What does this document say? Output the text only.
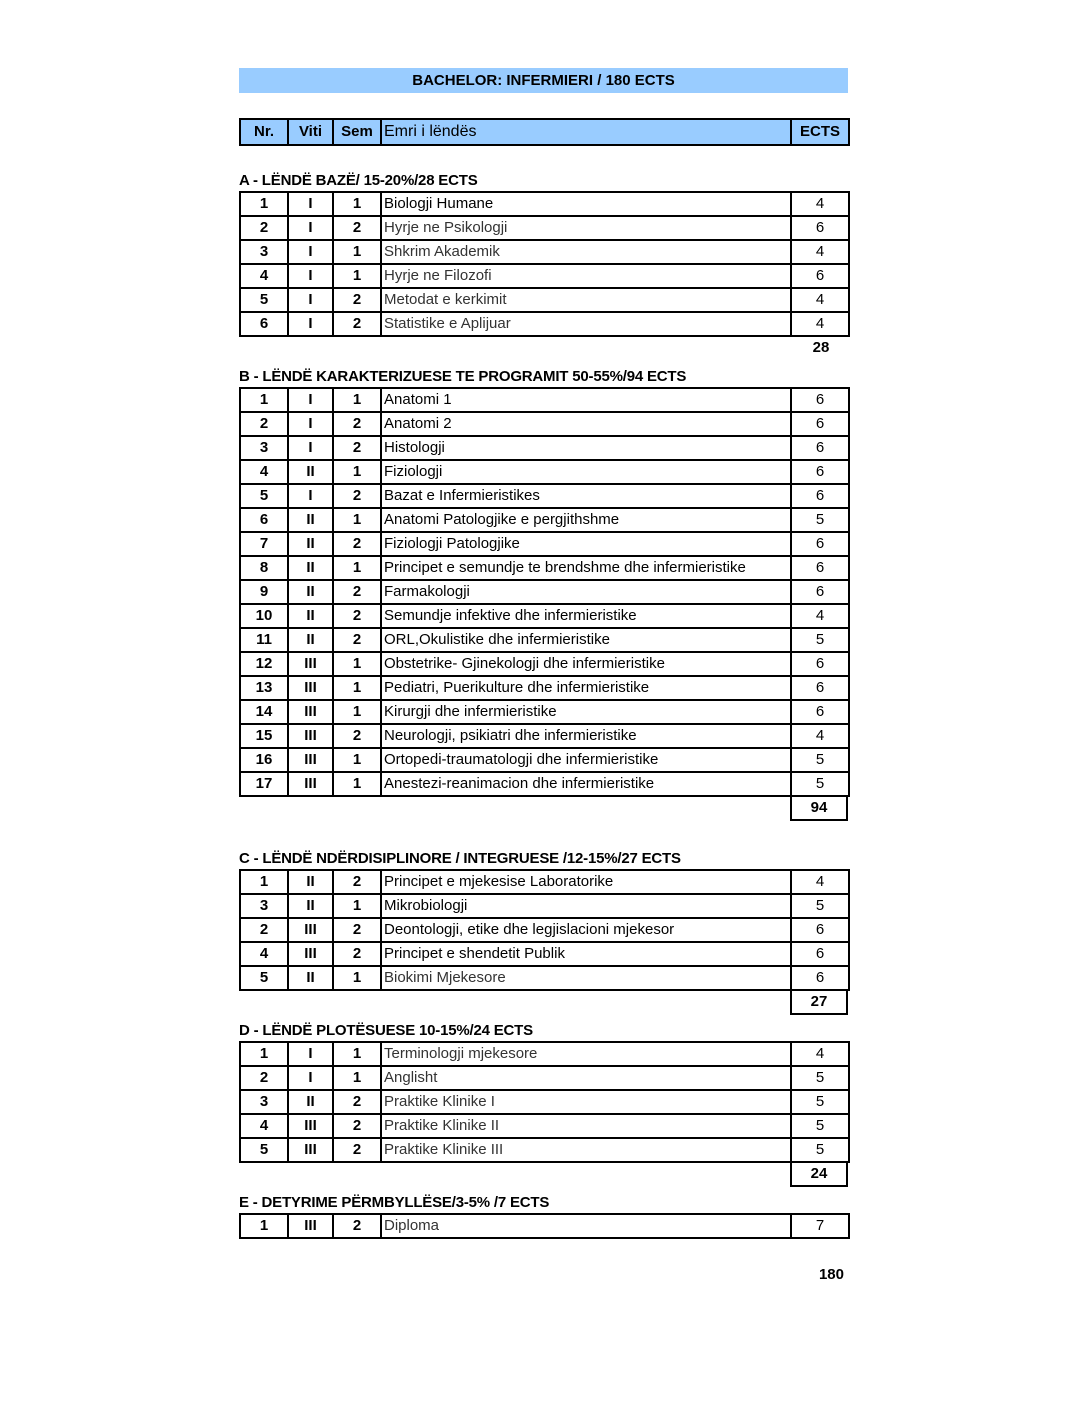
BACHELOR: INFERMIERI / 180 ECTS
Nr.	Viti	Sem	Emri i lëndës	ECTS
A - LËNDË BAZË/ 15-20%/28 ECTS
1	I	1	Biologji Humane	4
2	I	2	Hyrje ne Psikologji	6
3	I	1	Shkrim Akademik	4
4	I	1	Hyrje ne Filozofi	6
5	I	2	Metodat e kerkimit	4
6	I	2	Statistike e Aplijuar	4
28
B - LËNDË KARAKTERIZUESE TE PROGRAMIT 50-55%/94 ECTS
1	I	1	Anatomi 1	6
2	I	2	Anatomi 2	6
3	I	2	Histologji	6
4	II	1	Fiziologji	6
5	I	2	Bazat e Infermieristikes	6
6	II	1	Anatomi Patologjike e pergjithshme	5
7	II	2	Fiziologji Patologjike	6
8	II	1	Principet e semundje te brendshme dhe infermieristike	6
9	II	2	Farmakologji	6
10	II	2	Semundje infektive dhe infermieristike	4
11	II	2	ORL,Okulistike dhe infermieristike	5
12	III	1	Obstetrike- Gjinekologji dhe infermieristike	6
13	III	1	Pediatri, Puerikulture dhe infermieristike	6
14	III	1	Kirurgji dhe infermieristike	6
15	III	2	Neurologji, psikiatri dhe infermieristike	4
16	III	1	Ortopedi-traumatologji dhe infermieristike	5
17	III	1	Anestezi-reanimacion dhe infermieristike	5
94
C - LËNDË NDËRDISIPLINORE / INTEGRUESE /12-15%/27 ECTS
1	II	2	Principet e mjekesise Laboratorike	4
3	II	1	Mikrobiologji	5
2	III	2	Deontologji, etike dhe legjislacioni mjekesor	6
4	III	2	Principet e shendetit Publik	6
5	II	1	Biokimi Mjekesore	6
27
D - LËNDË PLOTËSUESE 10-15%/24 ECTS
1	I	1	Terminologji mjekesore	4
2	I	1	Anglisht	5
3	II	2	Praktike Klinike I	5
4	III	2	Praktike Klinike II	5
5	III	2	Praktike Klinike III	5
24
E - DETYRIME PËRMBYLLËSE/3-5% /7 ECTS
1	III	2	Diploma	7
180
